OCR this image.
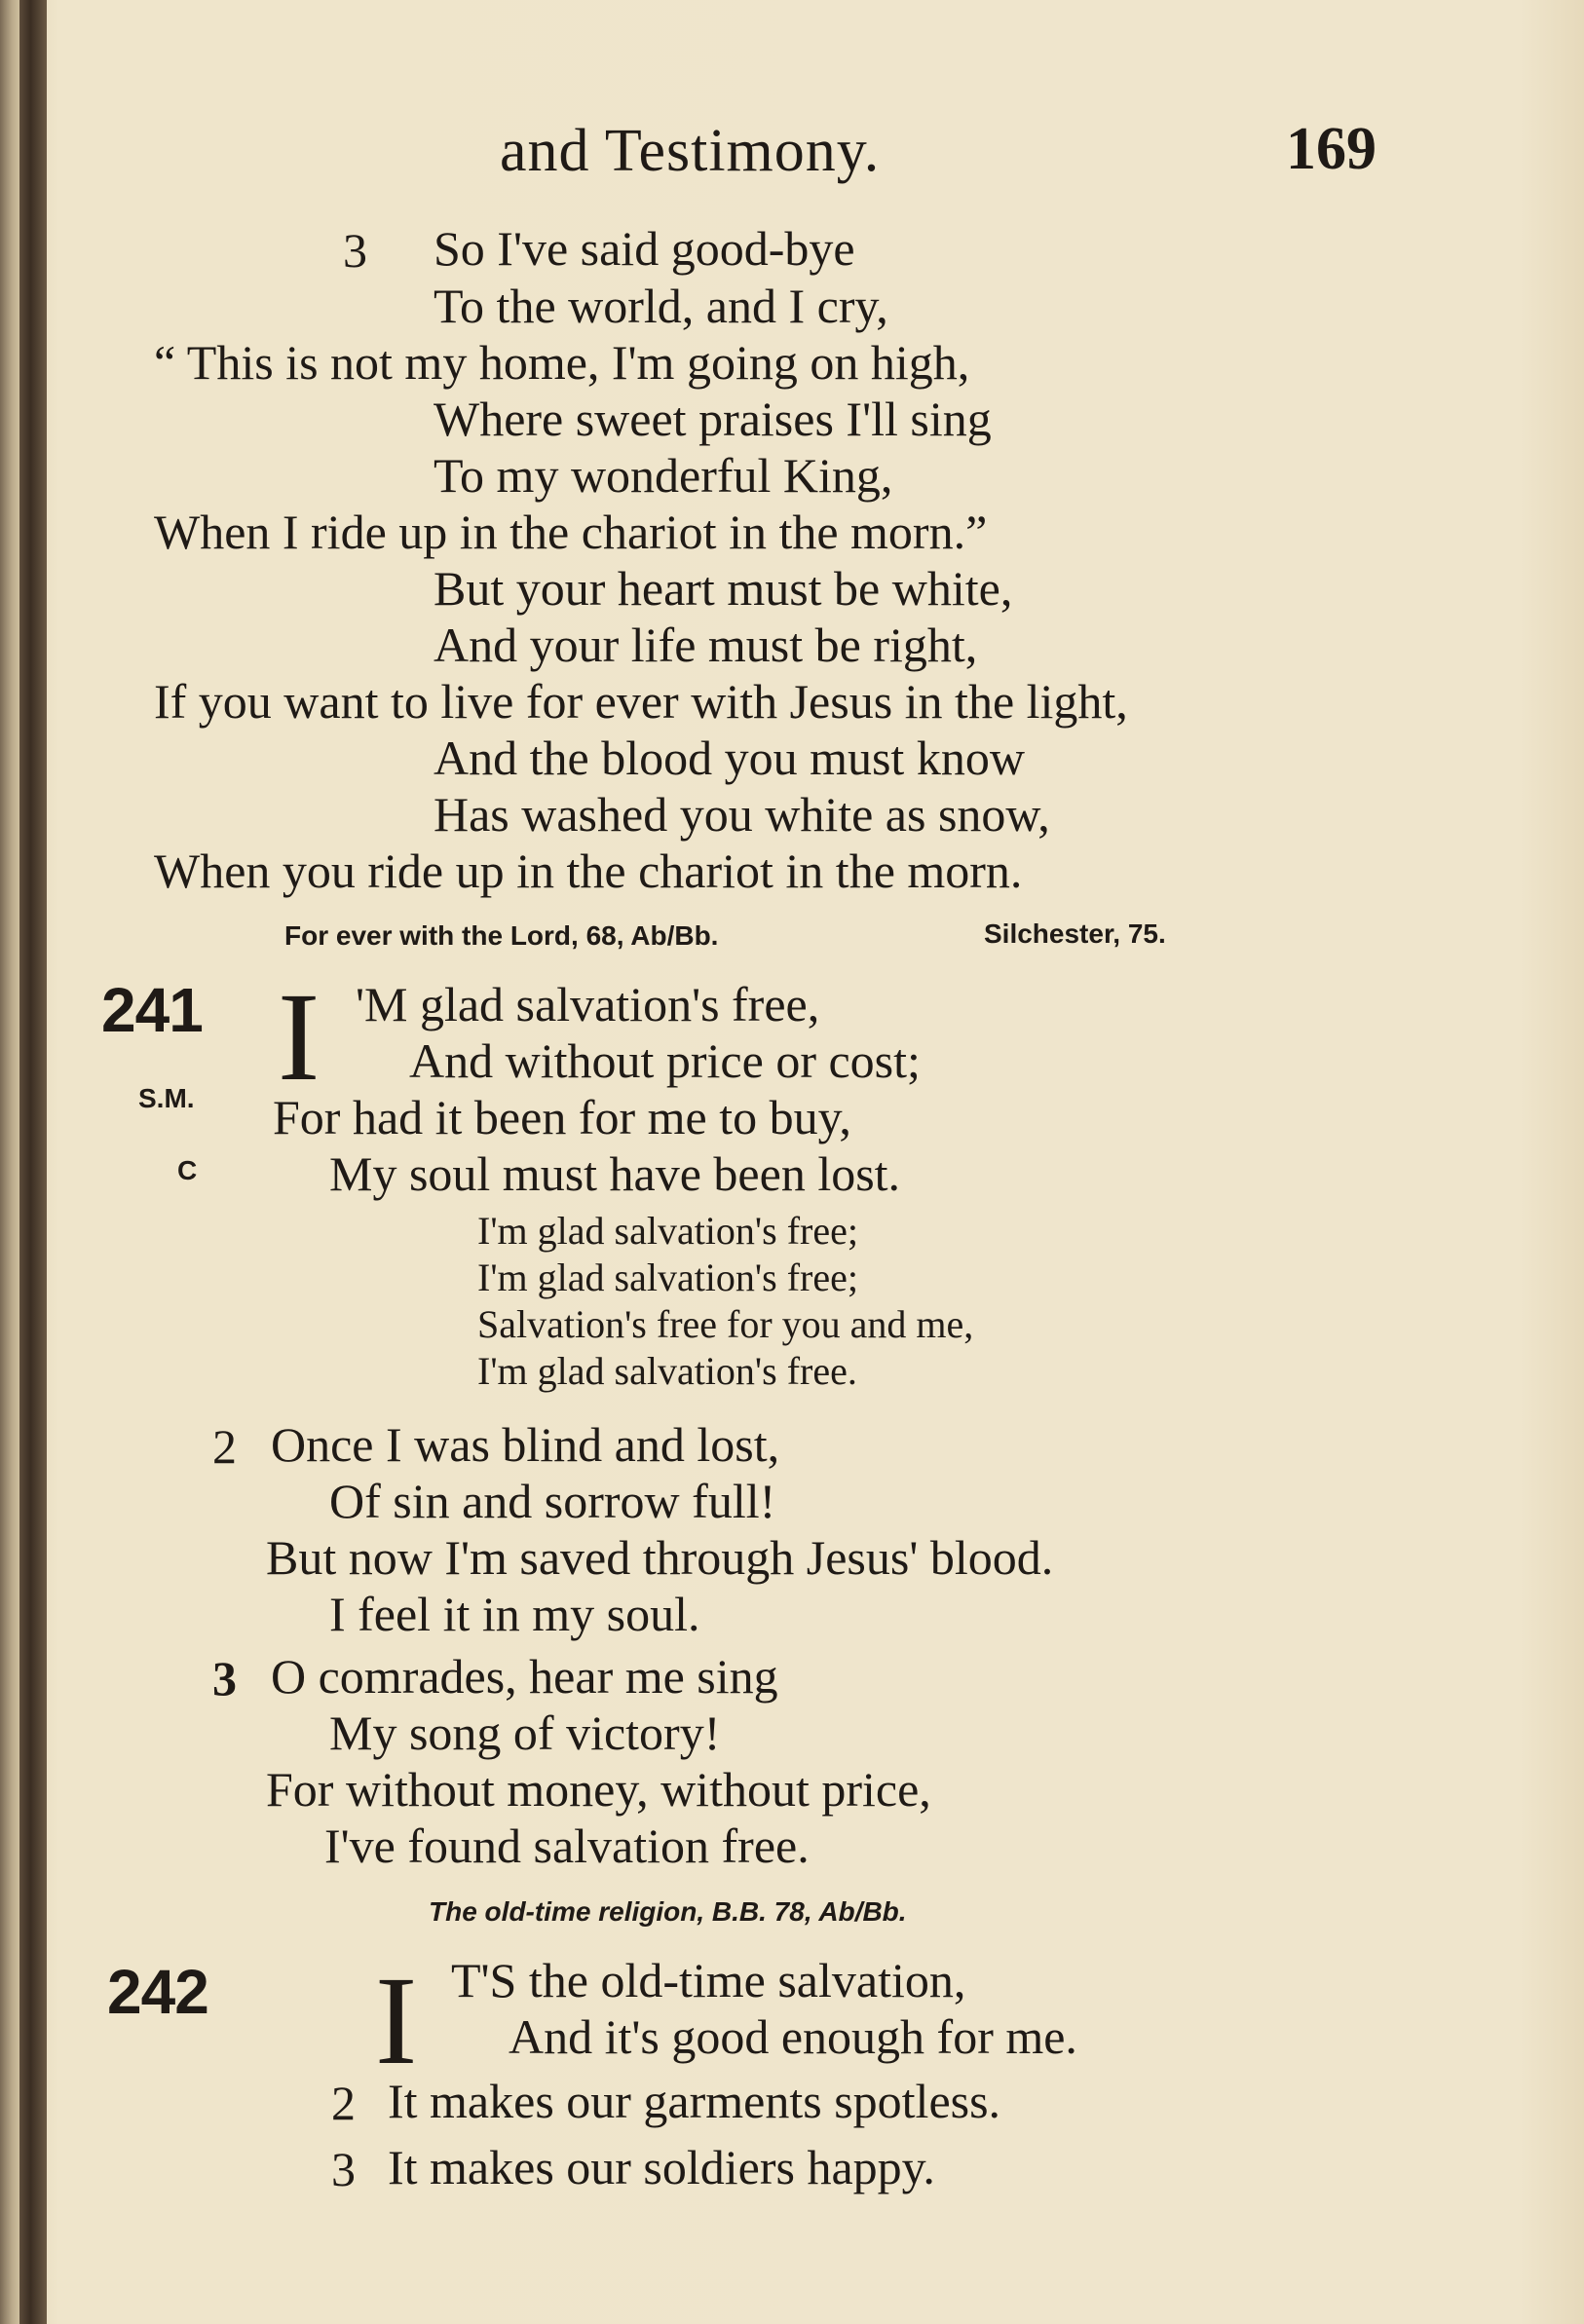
and Testimony.	169
3 So I've said good-bye
To the world, and I cry,
“ This is not my home, I'm going on high,
Where sweet praises I'll sing
To my wonderful King,
When I ride up in the chariot in the morn.”
But your heart must be white,
And your life must be right,
If you want to live for ever with Jesus in the light,
And the blood you must know
Has washed you white as snow,
When you ride up in the chariot in the morn.
For ever with the Lord, 68, Ab/Bb.	Silchester, 75.
241
S.M.
C
I 'M glad salvation's free,
And without price or cost;
For had it been for me to buy,
My soul must have been lost.
I'm glad salvation's free;
I'm glad salvation's free;
Salvation's free for you and me,
I'm glad salvation's free.
2 Once I was blind and lost,
Of sin and sorrow full!
But now I'm saved through Jesus' blood.
I feel it in my soul.
3 O comrades, hear me sing
My song of victory!
For without money, without price,
I've found salvation free.
The old-time religion, B.B. 78, Ab/Bb.
242 I T'S the old-time salvation,
And it's good enough for me.
2 It makes our garments spotless.
3 It makes our soldiers happy.
